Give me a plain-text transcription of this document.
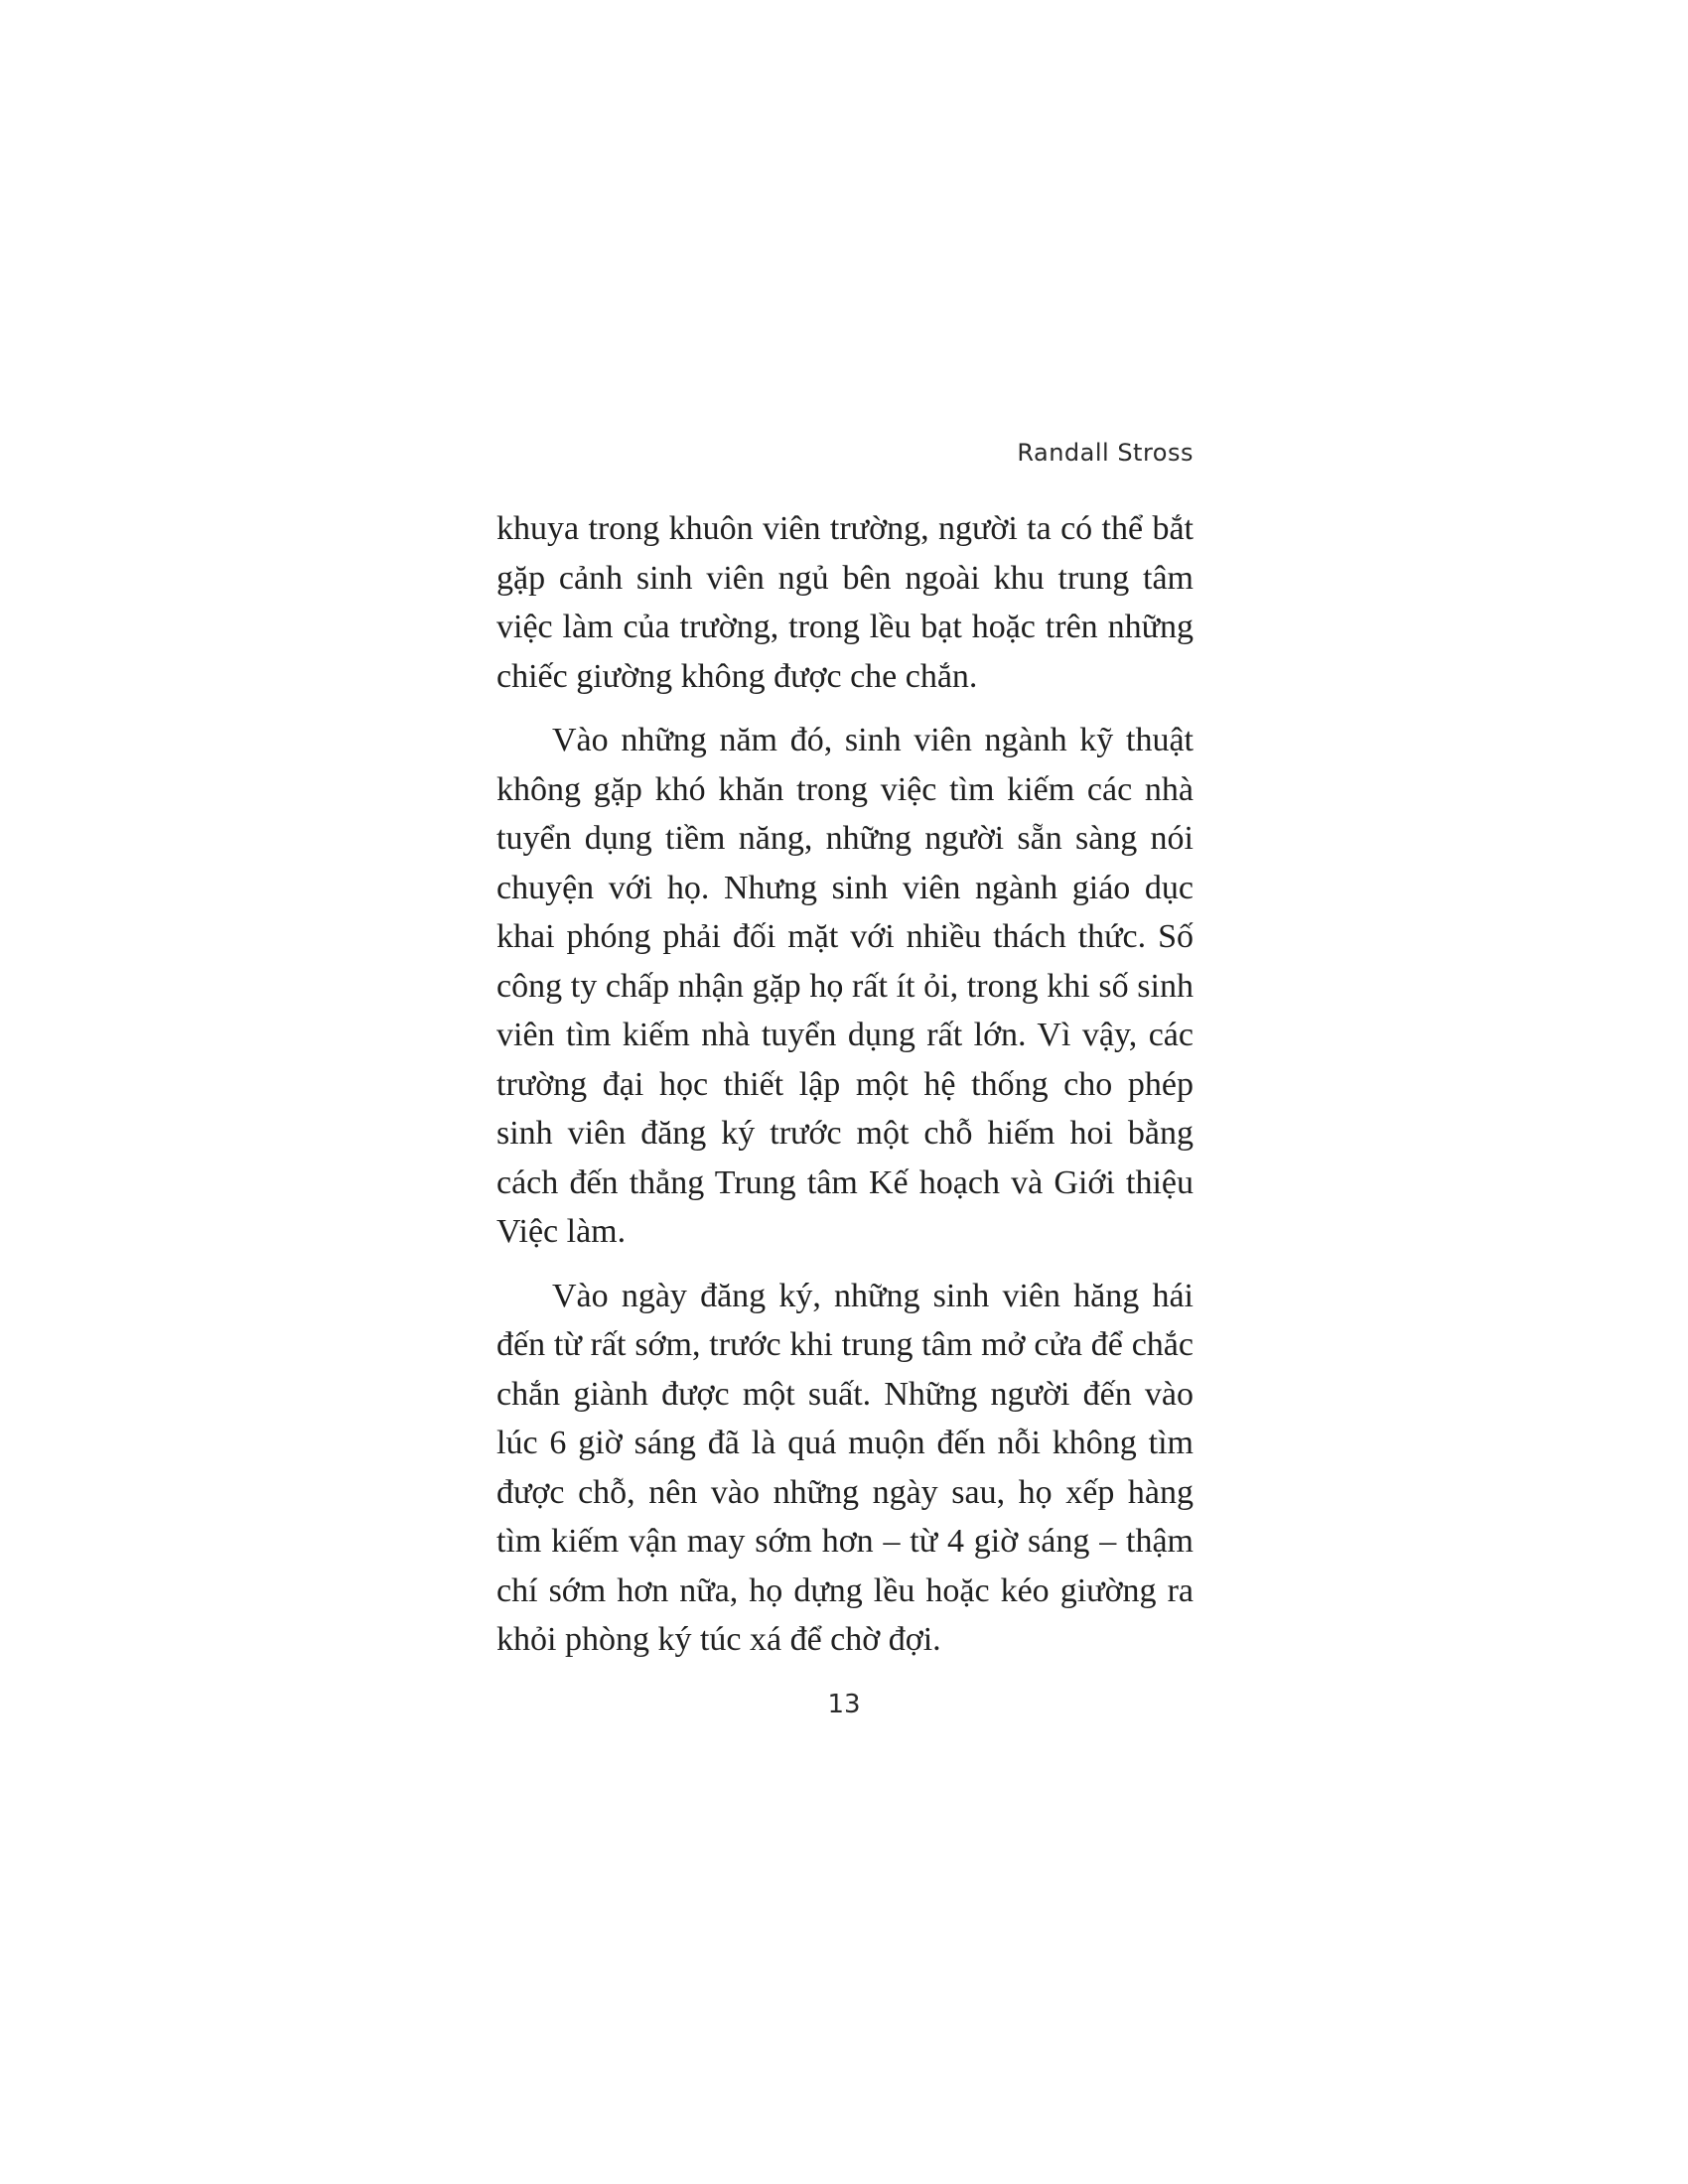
Randall Stross

khuya trong khuôn viên trường, người ta có thể bắt gặp cảnh sinh viên ngủ bên ngoài khu trung tâm việc làm của trường, trong lều bạt hoặc trên những chiếc giường không được che chắn.

Vào những năm đó, sinh viên ngành kỹ thuật không gặp khó khăn trong việc tìm kiếm các nhà tuyển dụng tiềm năng, những người sẵn sàng nói chuyện với họ. Nhưng sinh viên ngành giáo dục khai phóng phải đối mặt với nhiều thách thức. Số công ty chấp nhận gặp họ rất ít ỏi, trong khi số sinh viên tìm kiếm nhà tuyển dụng rất lớn. Vì vậy, các trường đại học thiết lập một hệ thống cho phép sinh viên đăng ký trước một chỗ hiếm hoi bằng cách đến thẳng Trung tâm Kế hoạch và Giới thiệu Việc làm.

Vào ngày đăng ký, những sinh viên hăng hái đến từ rất sớm, trước khi trung tâm mở cửa để chắc chắn giành được một suất. Những người đến vào lúc 6 giờ sáng đã là quá muộn đến nỗi không tìm được chỗ, nên vào những ngày sau, họ xếp hàng tìm kiếm vận may sớm hơn – từ 4 giờ sáng – thậm chí sớm hơn nữa, họ dựng lều hoặc kéo giường ra khỏi phòng ký túc xá để chờ đợi.

13
